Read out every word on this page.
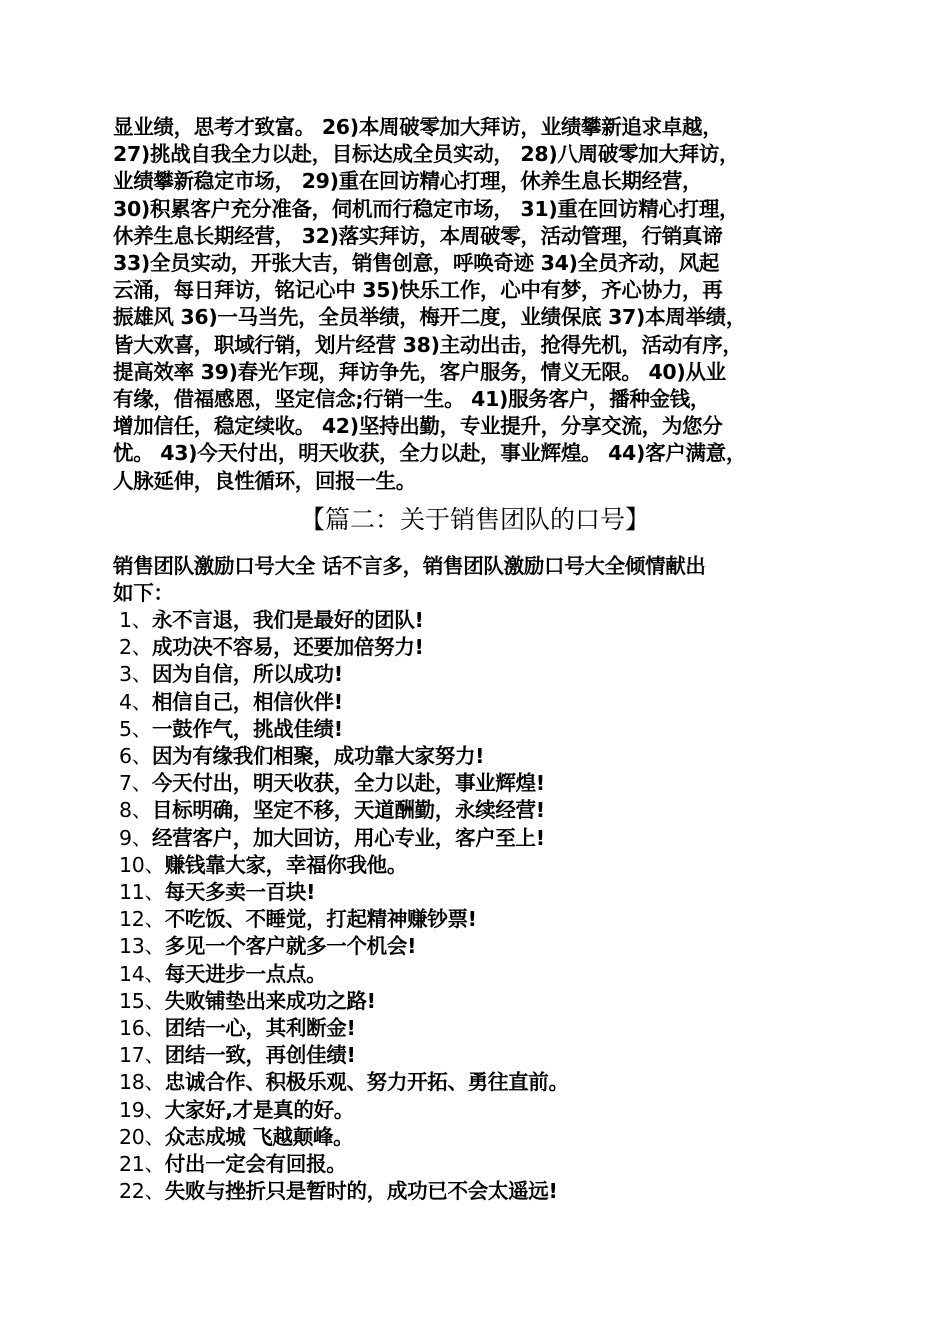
显业绩，思考才致富。 26)本周破零加大拜访，业绩攀新追求卓越，
27)挑战自我全力以赴，目标达成全员实动， 28)八周破零加大拜访，
业绩攀新稳定市场， 29)重在回访精心打理，休养生息长期经营，
30)积累客户充分准备，伺机而行稳定市场， 31)重在回访精心打理，
休养生息长期经营， 32)落实拜访，本周破零，活动管理，行销真谛
33)全员实动，开张大吉，销售创意，呼唤奇迹 34)全员齐动，风起
云涌，每日拜访，铭记心中 35)快乐工作，心中有梦，齐心协力，再
振雄风 36)一马当先，全员举绩，梅开二度，业绩保底 37)本周举绩，
皆大欢喜，职域行销，划片经营 38)主动出击，抢得先机，活动有序，
提高效率 39)春光乍现，拜访争先，客户服务，情义无限。 40)从业
有缘，借福感恩，坚定信念;行销一生。 41)服务客户，播种金钱，
增加信任，稳定续收。 42)坚持出勤，专业提升，分享交流，为您分
忧。 43)今天付出，明天收获，全力以赴，事业辉煌。 44)客户满意，
人脉延伸，良性循环，回报一生。

【篇二：关于销售团队的口号】

销售团队激励口号大全 话不言多，销售团队激励口号大全倾情献出
如下：

1、永不言退，我们是最好的团队!
2、成功决不容易，还要加倍努力!
3、因为自信，所以成功!
4、相信自己，相信伙伴!
5、一鼓作气，挑战佳绩!
6、因为有缘我们相聚，成功靠大家努力!
7、今天付出，明天收获，全力以赴，事业辉煌!
8、目标明确，坚定不移，天道酬勤，永续经营!
9、经营客户，加大回访，用心专业，客户至上!
10、赚钱靠大家，幸福你我他。
11、每天多卖一百块!
12、不吃饭、不睡觉，打起精神赚钞票!
13、多见一个客户就多一个机会!
14、每天进步一点点。
15、失败铺垫出来成功之路!
16、团结一心，其利断金!
17、团结一致，再创佳绩!
18、忠诚合作、积极乐观、努力开拓、勇往直前。
19、大家好,才是真的好。
20、众志成城 飞越颠峰。
21、付出一定会有回报。
22、失败与挫折只是暂时的，成功已不会太遥远!
